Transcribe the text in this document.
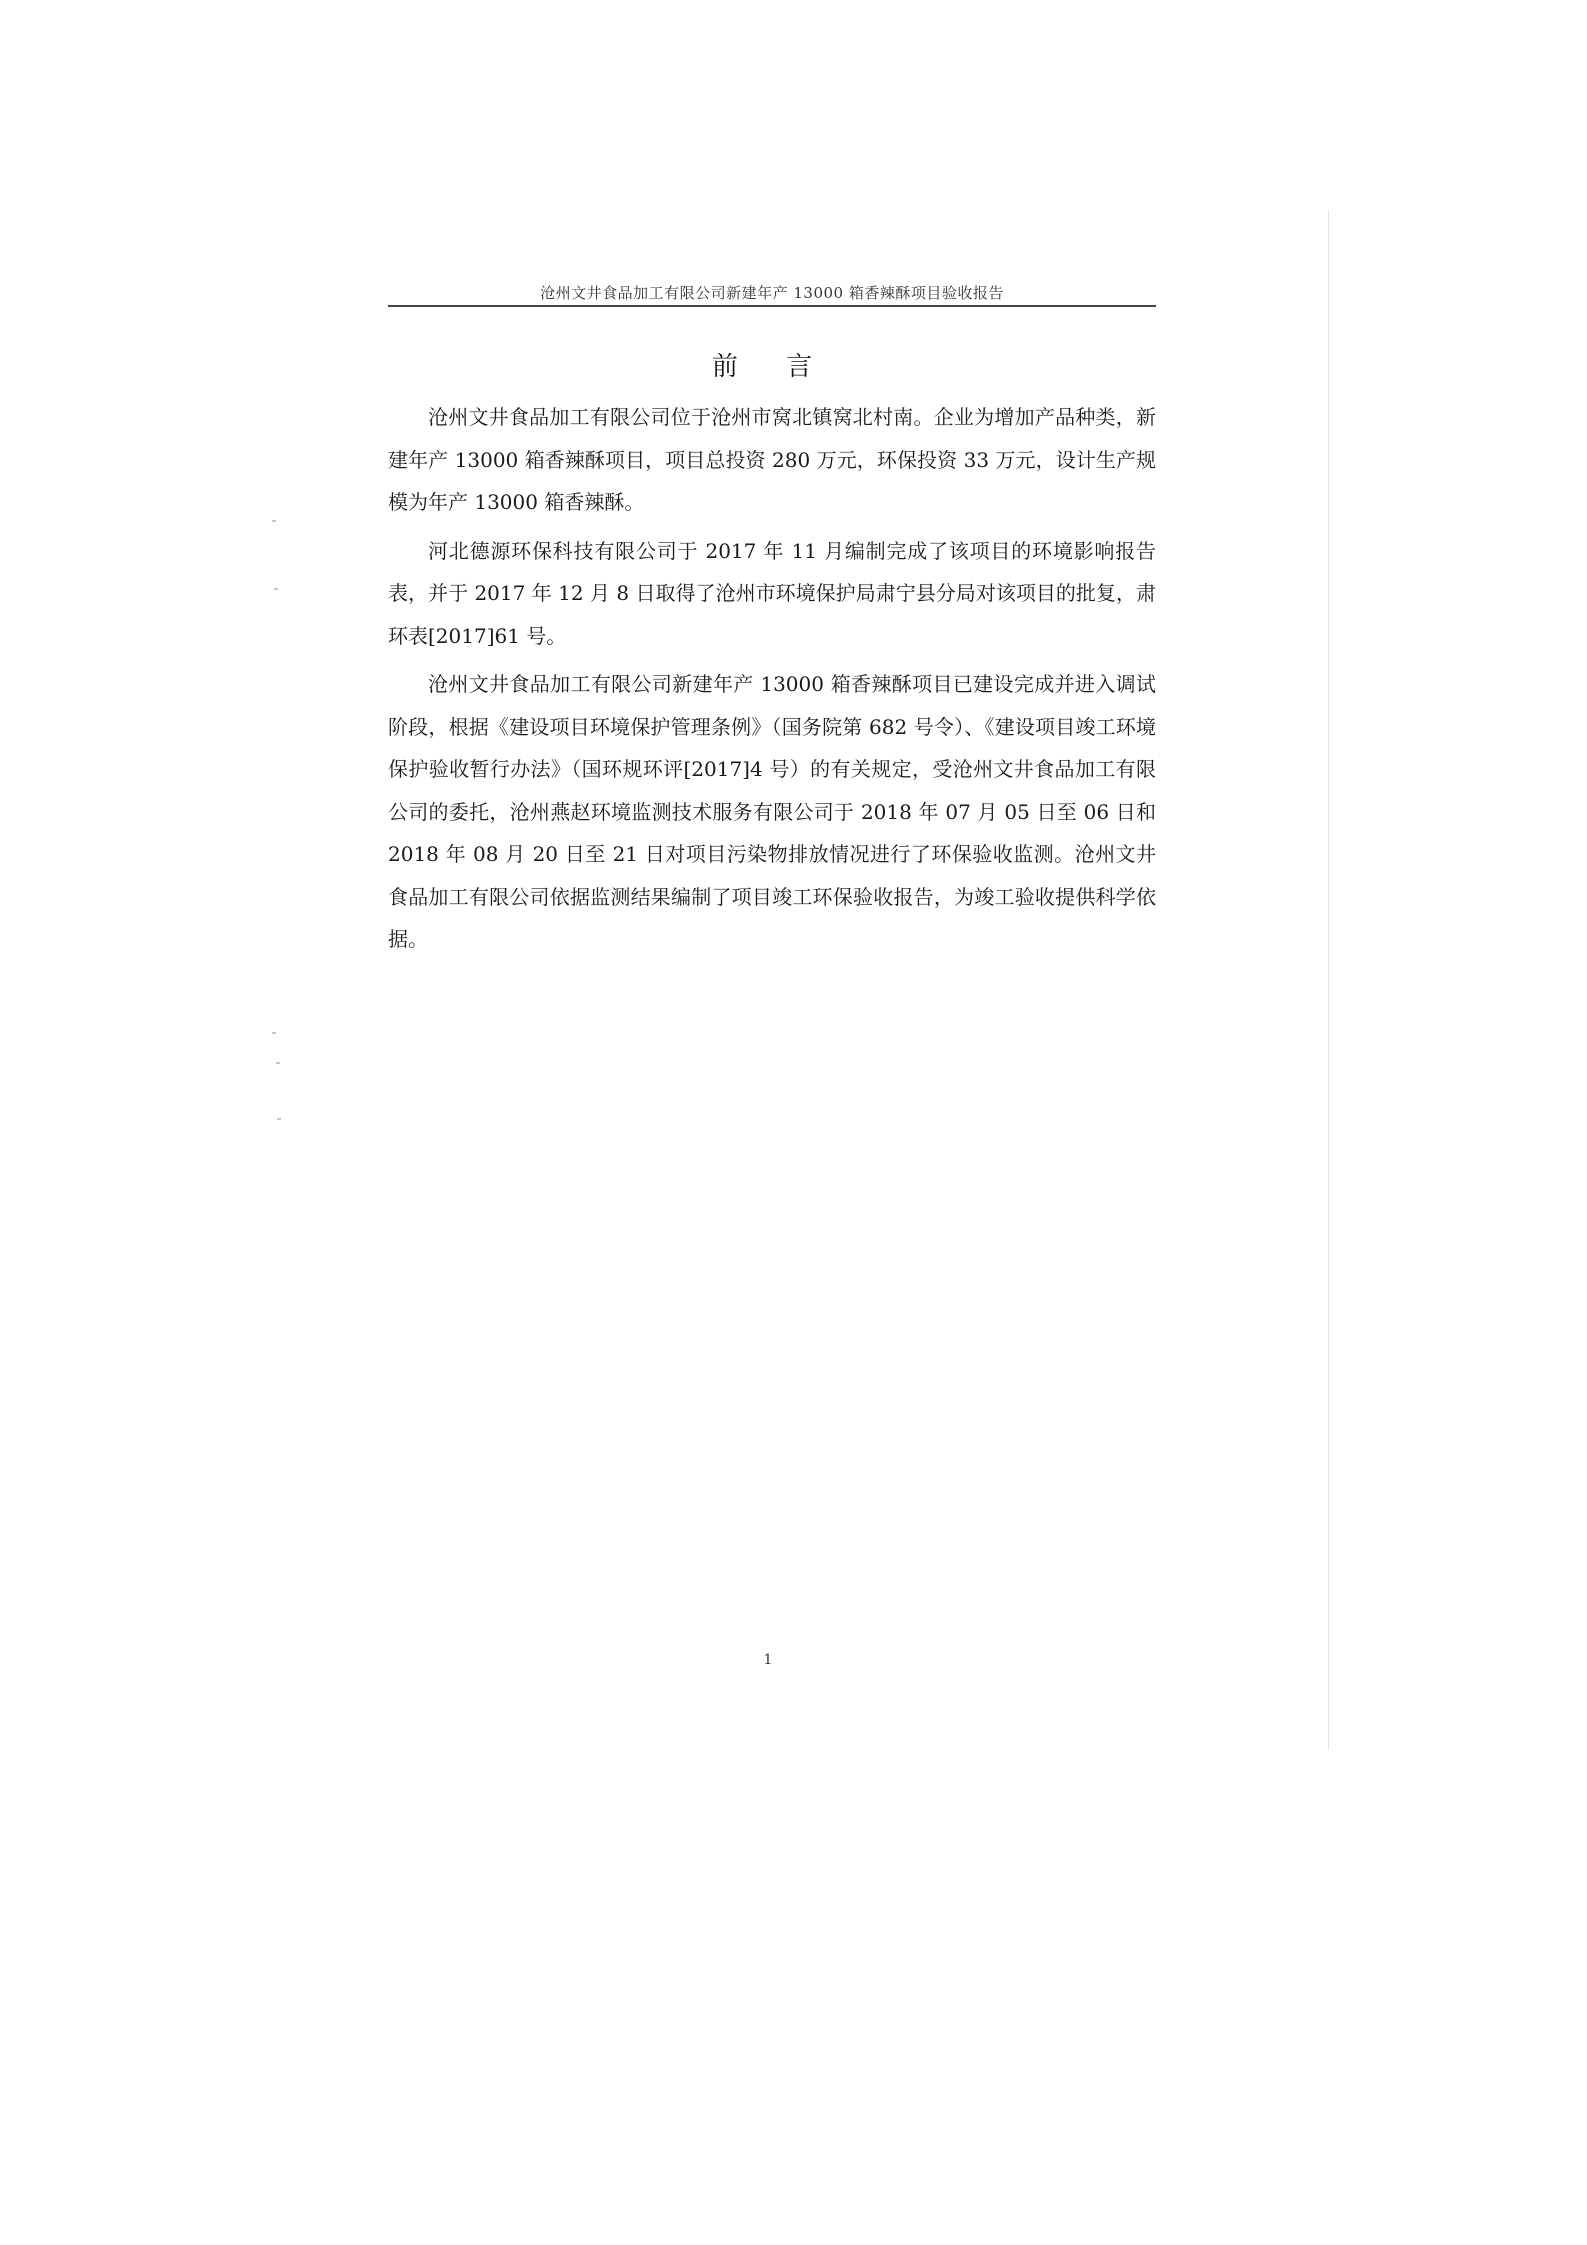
沧州文井食品加工有限公司新建年产 13000 箱香辣酥项目验收报告
前 言

沧州文井食品加工有限公司位于沧州市窝北镇窝北村南。企业为增加产品种类，新建年产 13000 箱香辣酥项目，项目总投资 280 万元，环保投资 33 万元，设计生产规模为年产 13000 箱香辣酥。

河北德源环保科技有限公司于 2017 年 11 月编制完成了该项目的环境影响报告表，并于 2017 年 12 月 8 日取得了沧州市环境保护局肃宁县分局对该项目的批复，肃环表[2017]61 号。

沧州文井食品加工有限公司新建年产 13000 箱香辣酥项目已建设完成并进入调试阶段，根据《建设项目环境保护管理条例》（国务院第 682 号令）、《建设项目竣工环境保护验收暂行办法》（国环规环评[2017]4 号）的有关规定，受沧州文井食品加工有限公司的委托，沧州燕赵环境监测技术服务有限公司于 2018 年 07 月 05 日至 06 日和 2018 年 08 月 20 日至 21 日对项目污染物排放情况进行了环保验收监测。沧州文井食品加工有限公司依据监测结果编制了项目竣工环保验收报告，为竣工验收提供科学依据。

1
